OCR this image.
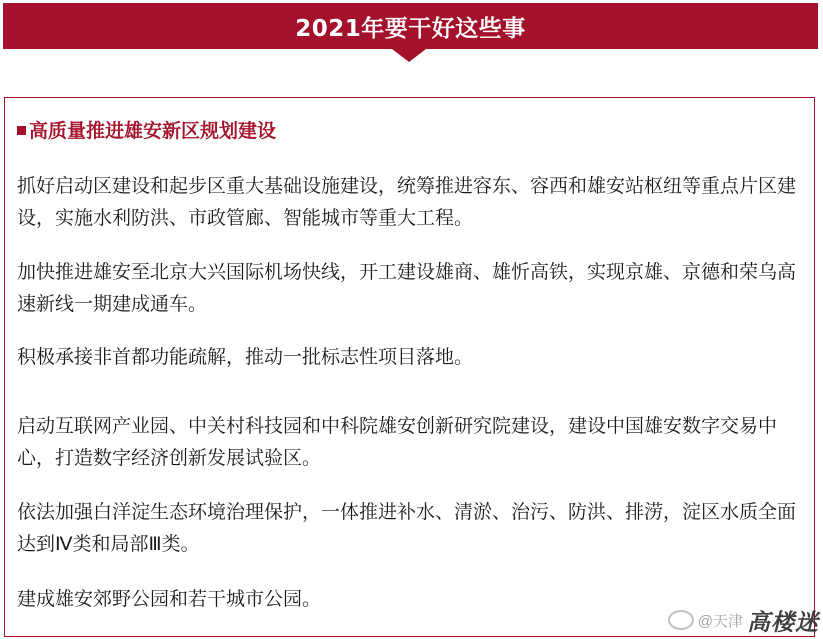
2021年要干好这些事
高质量推进雄安新区规划建设
抓好启动区建设和起步区重大基础设施建设，统筹推进容东、容西和雄安站枢纽等重点片区建设，实施水利防洪、市政管廊、智能城市等重大工程。
加快推进雄安至北京大兴国际机场快线，开工建设雄商、雄忻高铁，实现京雄、京德和荣乌高速新线一期建成通车。
积极承接非首都功能疏解，推动一批标志性项目落地。
启动互联网产业园、中关村科技园和中科院雄安创新研究院建设，建设中国雄安数字交易中心，打造数字经济创新发展试验区。
依法加强白洋淀生态环境治理保护，一体推进补水、清淤、治污、防洪、排涝，淀区水质全面达到Ⅳ类和局部Ⅲ类。
建成雄安郊野公园和若干城市公园。
@天津 高楼迷
